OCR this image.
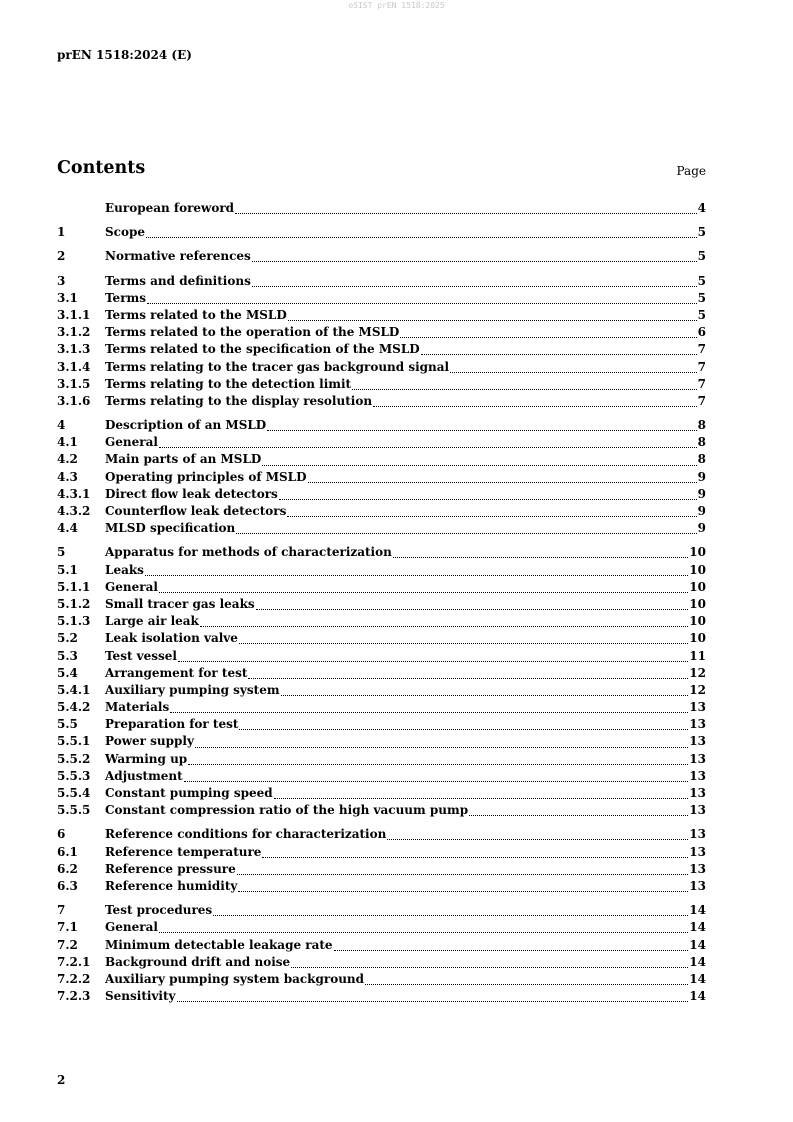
oSIST prEN 1518:2025
prEN 1518:2024 (E)
Contents	Page
European foreword	4
1	Scope	5
2	Normative references	5
3	Terms and definitions	5
3.1	Terms	5
3.1.1	Terms related to the MSLD	5
3.1.2	Terms related to the operation of the MSLD	6
3.1.3	Terms related to the specification of the MSLD	7
3.1.4	Terms relating to the tracer gas background signal	7
3.1.5	Terms relating to the detection limit	7
3.1.6	Terms relating to the display resolution	7
4	Description of an MSLD	8
4.1	General	8
4.2	Main parts of an MSLD	8
4.3	Operating principles of MSLD	9
4.3.1	Direct flow leak detectors	9
4.3.2	Counterflow leak detectors	9
4.4	MLSD specification	9
5	Apparatus for methods of characterization	10
5.1	Leaks	10
5.1.1	General	10
5.1.2	Small tracer gas leaks	10
5.1.3	Large air leak	10
5.2	Leak isolation valve	10
5.3	Test vessel	11
5.4	Arrangement for test	12
5.4.1	Auxiliary pumping system	12
5.4.2	Materials	13
5.5	Preparation for test	13
5.5.1	Power supply	13
5.5.2	Warming up	13
5.5.3	Adjustment	13
5.5.4	Constant pumping speed	13
5.5.5	Constant compression ratio of the high vacuum pump	13
6	Reference conditions for characterization	13
6.1	Reference temperature	13
6.2	Reference pressure	13
6.3	Reference humidity	13
7	Test procedures	14
7.1	General	14
7.2	Minimum detectable leakage rate	14
7.2.1	Background drift and noise	14
7.2.2	Auxiliary pumping system background	14
7.2.3	Sensitivity	14
2
